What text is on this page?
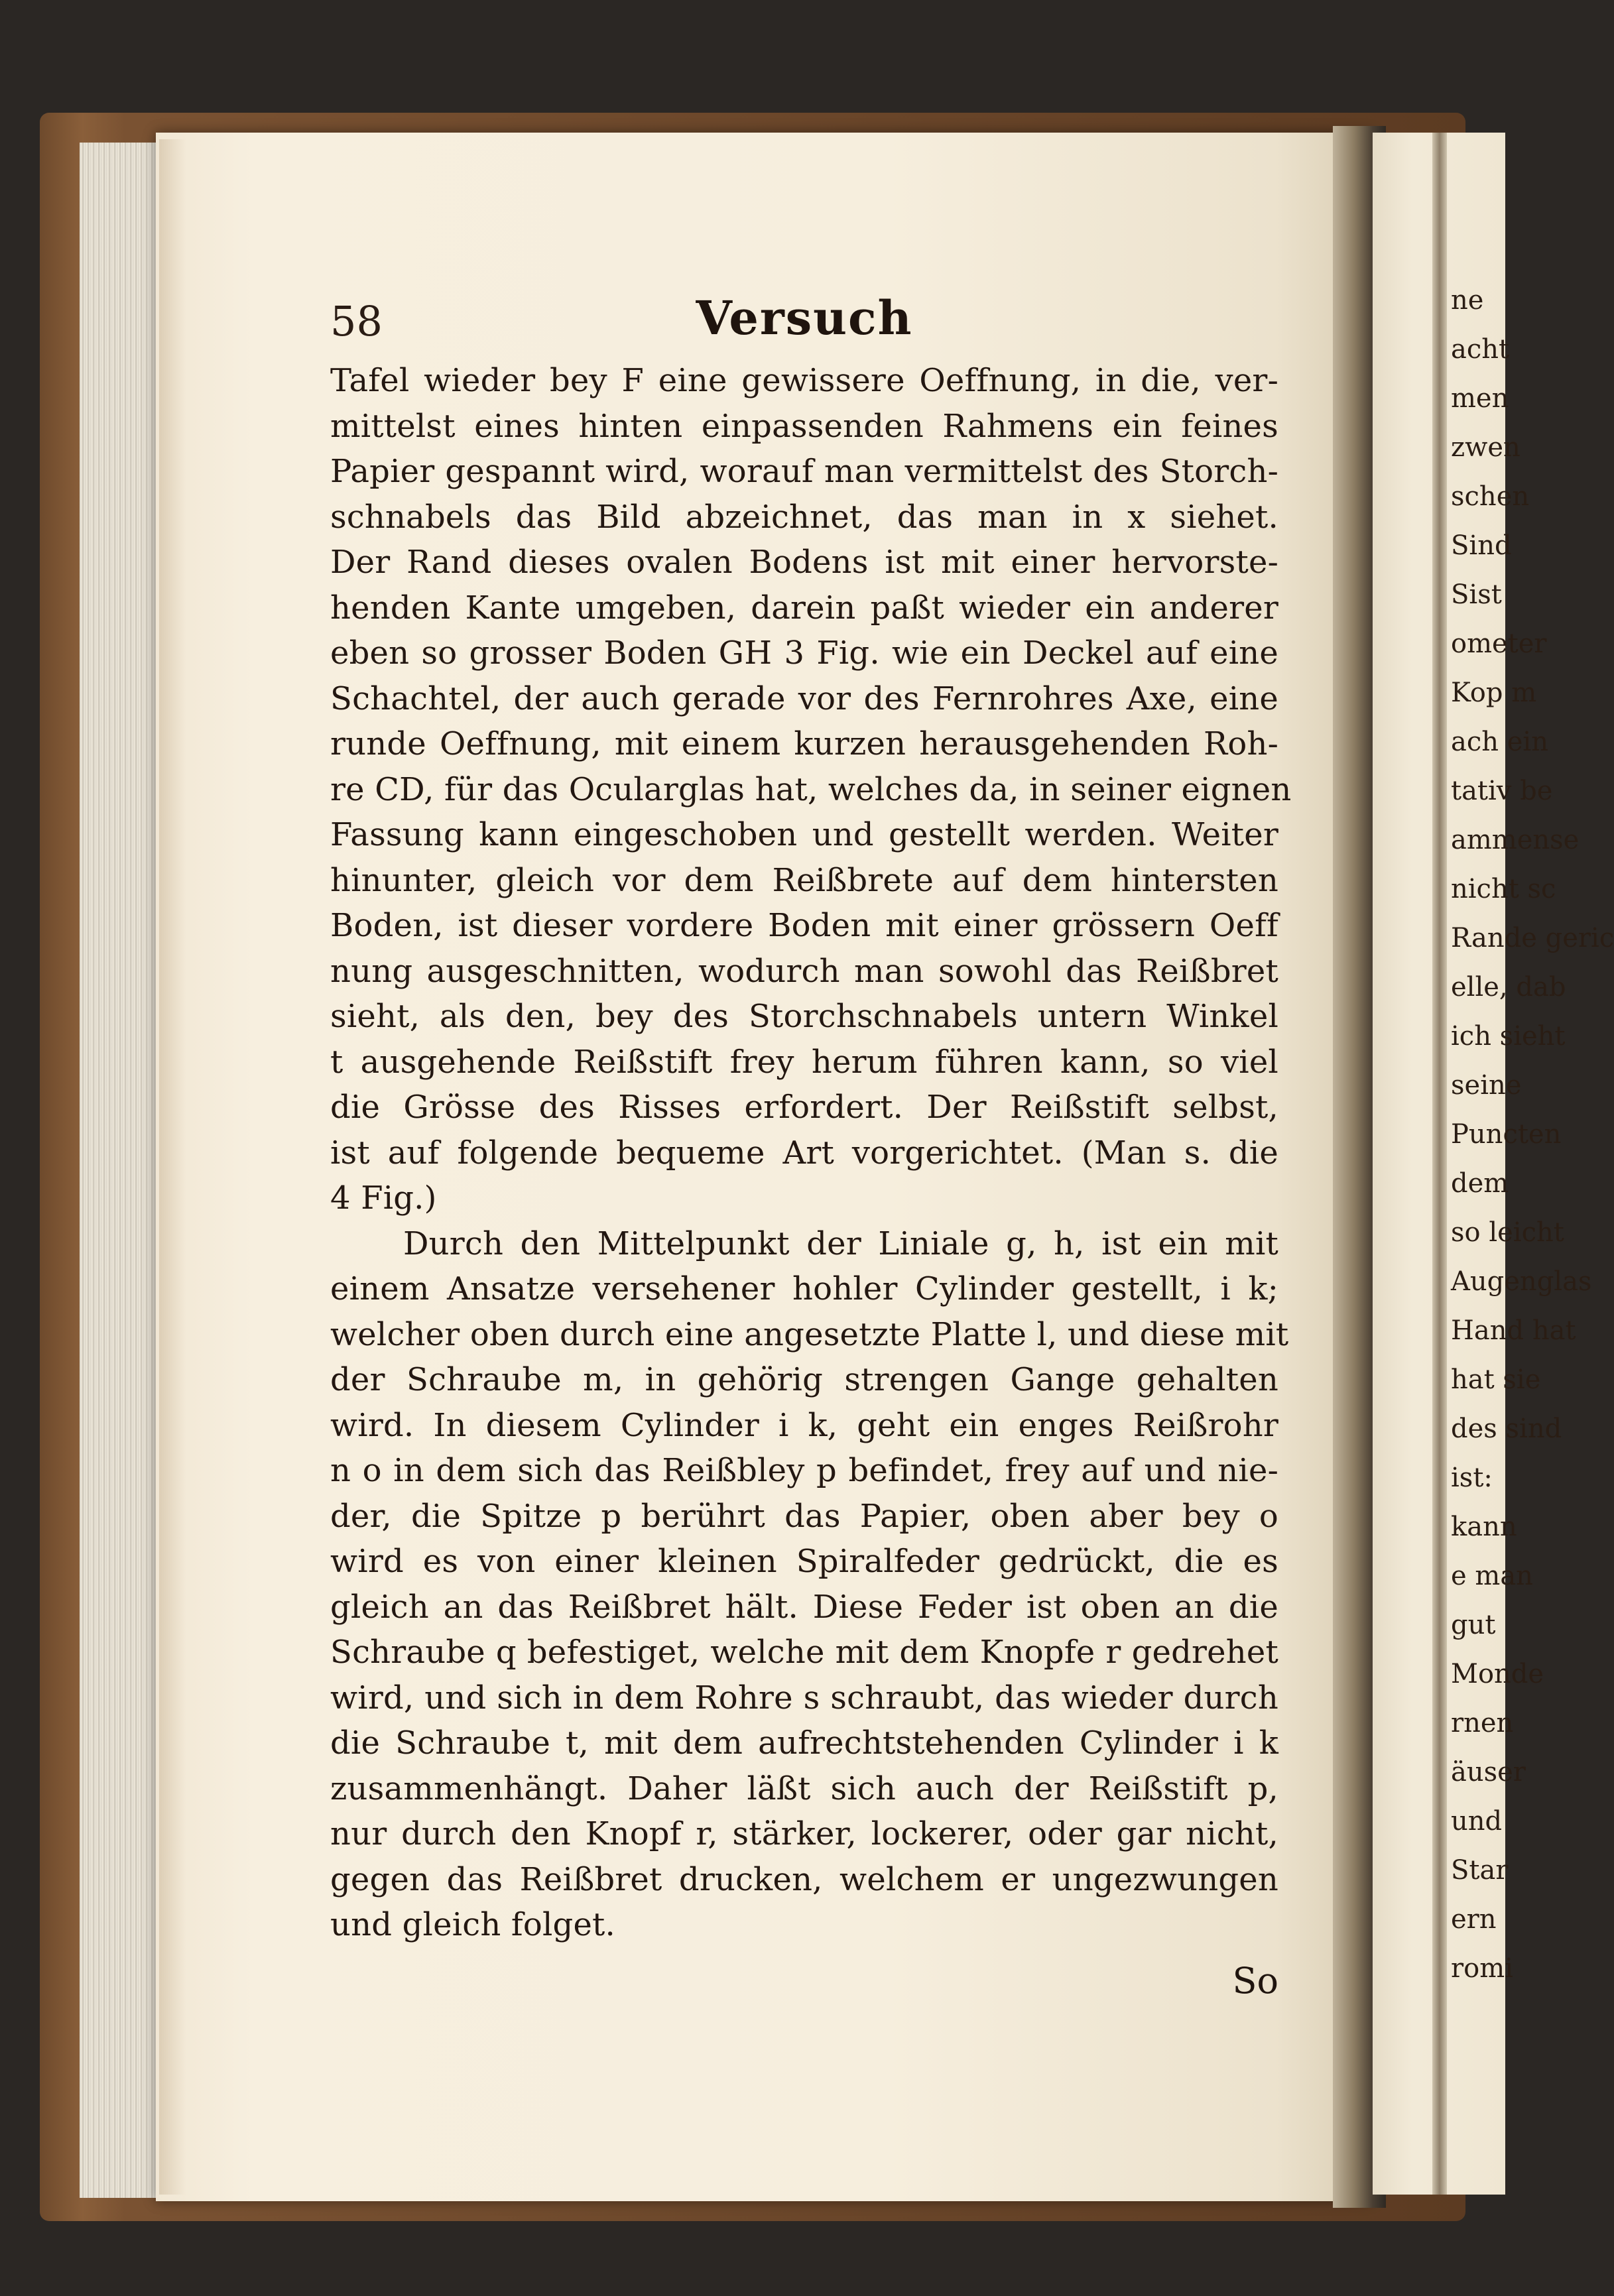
ne
acht
men
zwen
schen
Sind
Sist
ometer
Kop m
ach ein
tativ be
ammense
nicht sc
Rande geric
elle, dab
ich sieht
seine
Puncten
dem
so leicht
Augenglas
Hand hat
hat sie
des sind
ist:
kann
e man
gut
Monde
rnen
äuser
und
Star
ern
romi
58	Versuch
Tafel wieder bey F eine gewissere Oeffnung, in die, ver-
mittelst eines hinten einpassenden Rahmens ein feines
Papier gespannt wird, worauf man vermittelst des Storch-
schnabels das Bild abzeichnet, das man in x siehet.
Der Rand dieses ovalen Bodens ist mit einer hervorste-
henden Kante umgeben, darein paßt wieder ein anderer
eben so grosser Boden GH 3 Fig. wie ein Deckel auf eine
Schachtel, der auch gerade vor des Fernrohres Axe, eine
runde Oeffnung, mit einem kurzen herausgehenden Roh-
re CD, für das Ocularglas hat, welches da, in seiner eignen
Fassung kann eingeschoben und gestellt werden. Weiter
hinunter, gleich vor dem Reißbrete auf dem hintersten
Boden, ist dieser vordere Boden mit einer grössern Oeff
nung ausgeschnitten, wodurch man sowohl das Reißbret
sieht, als den, bey des Storchschnabels untern Winkel
t ausgehende Reißstift frey herum führen kann, so viel
die Grösse des Risses erfordert. Der Reißstift selbst,
ist auf folgende bequeme Art vorgerichtet. (Man s. die
4 Fig.)
Durch den Mittelpunkt der Liniale g, h, ist ein mit
einem Ansatze versehener hohler Cylinder gestellt, i k;
welcher oben durch eine angesetzte Platte l, und diese mit
der Schraube m, in gehörig strengen Gange gehalten
wird. In diesem Cylinder i k, geht ein enges Reißrohr
n o in dem sich das Reißbley p befindet, frey auf und nie-
der, die Spitze p berührt das Papier, oben aber bey o
wird es von einer kleinen Spiralfeder gedrückt, die es
gleich an das Reißbret hält. Diese Feder ist oben an die
Schraube q befestiget, welche mit dem Knopfe r gedrehet
wird, und sich in dem Rohre s schraubt, das wieder durch
die Schraube t, mit dem aufrechtstehenden Cylinder i k
zusammenhängt. Daher läßt sich auch der Reißstift p,
nur durch den Knopf r, stärker, lockerer, oder gar nicht,
gegen das Reißbret drucken, welchem er ungezwungen
und gleich folget.
So
